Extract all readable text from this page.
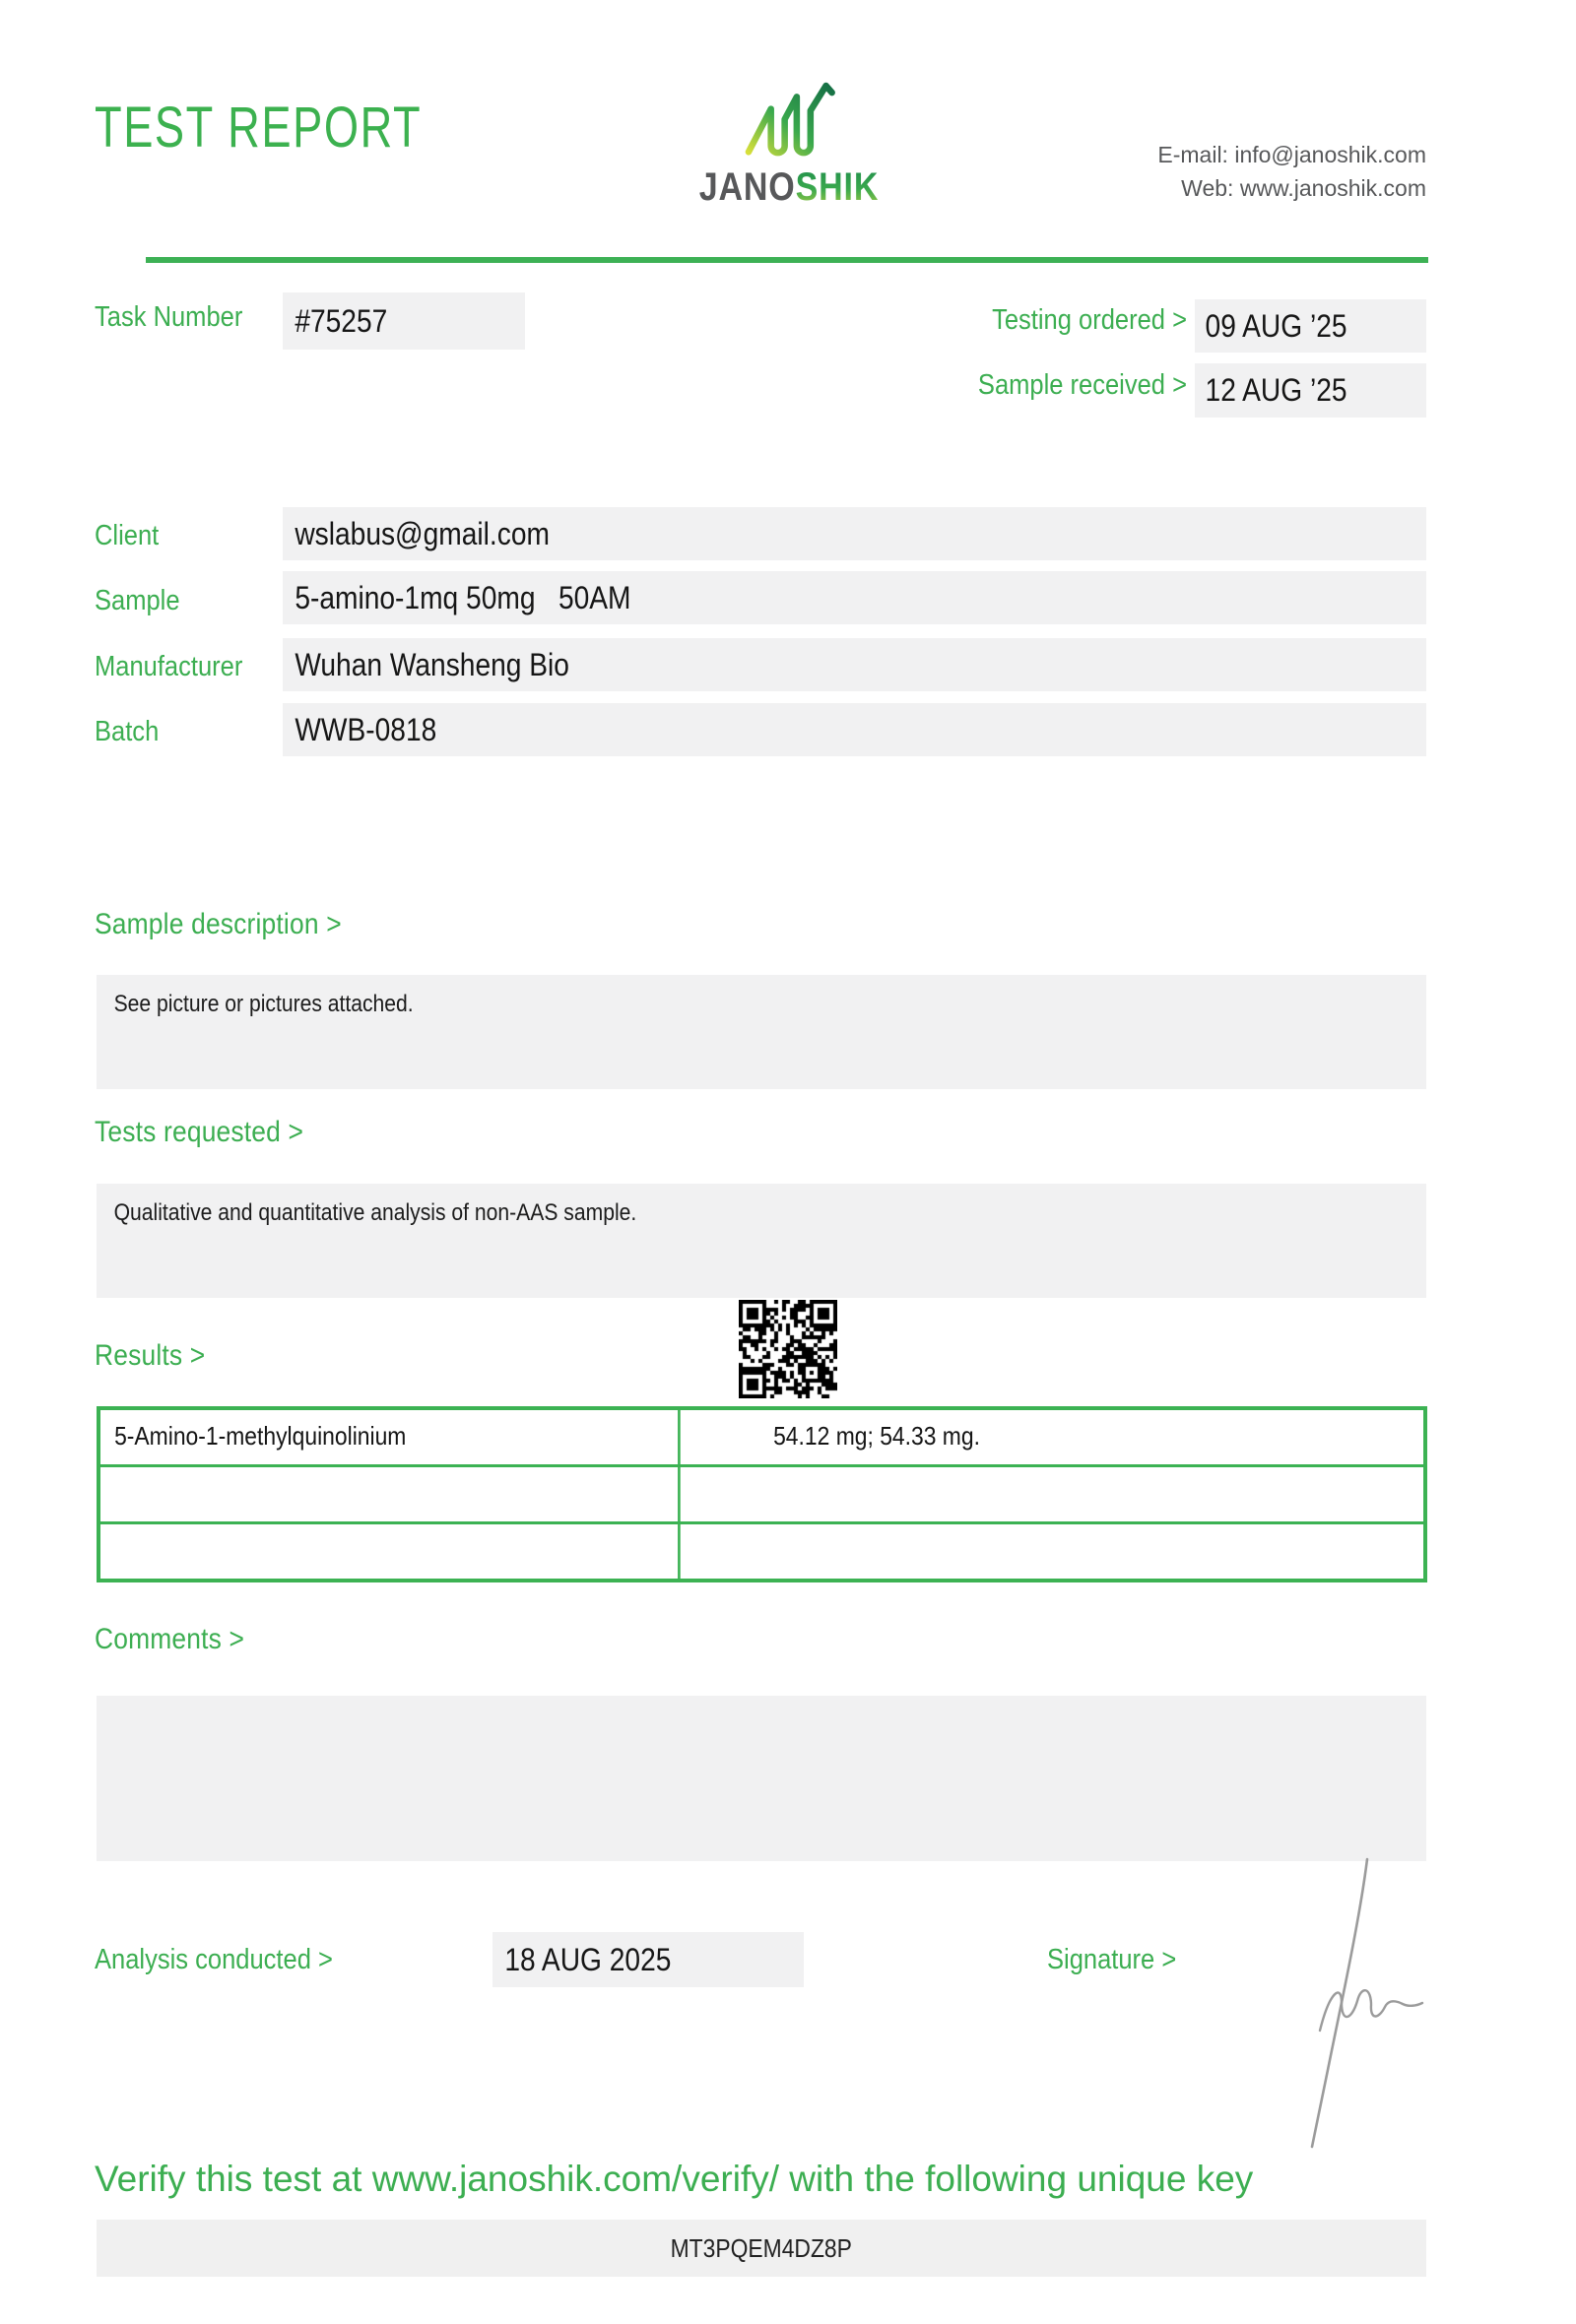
TEST REPORT
JANOSHIK
E-mail: info@janoshik.com
Web: www.janoshik.com
Task Number	#75257	Testing ordered > 09 AUG ’25
Sample received > 12 AUG ’25
Client	wslabus@gmail.com
Sample	5-amino-1mq 50mg   50AM
Manufacturer	Wuhan Wansheng Bio
Batch	WWB-0818
Sample description >
See picture or pictures attached.
Tests requested >
Qualitative and quantitative analysis of non-AAS sample.
Results >
5-Amino-1-methylquinolinium	54.12 mg; 54.33 mg.
Comments >
Analysis conducted >	18 AUG 2025	Signature >
Verify this test at www.janoshik.com/verify/ with the following unique key
MT3PQEM4DZ8P
